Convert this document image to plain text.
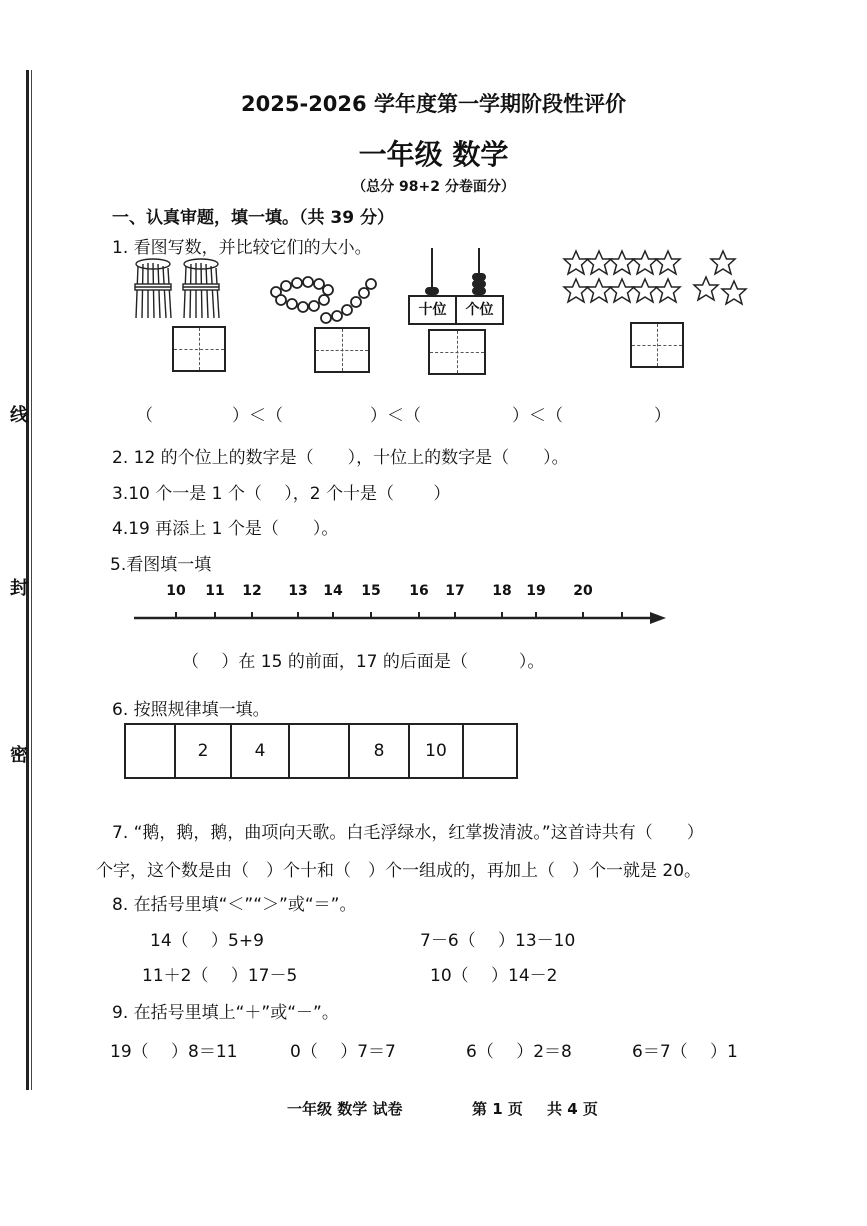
线
封
密
2025-2026 学年度第一学期阶段性评价
一年级 数学
（总分 98+2 分卷面分）
一、认真审题，填一填。（共 39 分）
1. 看图写数，并比较它们的大小。
十位	个位
（	）＜（	）＜（	）＜（	）
2. 12 的个位上的数字是（　　），十位上的数字是（　　）。
3.10 个一是 1 个（　 ），2 个十是（　　 ）
4.19 再添上 1 个是（　　）。
5.看图填一填
10 11 12 13 14 15 16 17 18 19 20
（　 ）在 15 的前面，17 的后面是（　　　）。
6. 按照规律填一填。
	2	4		8	10	
7. “鹅，鹅，鹅，曲项向天歌。白毛浮绿水，红掌拨清波。”这首诗共有（　　）
个字，这个数是由（　）个十和（　）个一组成的，再加上（　）个一就是 20。
8. 在括号里填“＜”“＞”或“＝”。
14（　 ）5+9	7－6（　 ）13－10
11＋2（　 ）17－5	10（　 ）14－2
9. 在括号里填上“＋”或“－”。
19（　 ）8＝11	0（　 ）7＝7	6（　 ）2＝8	6＝7（　 ）1
一年级 数学 试卷	第 1 页 共 4 页
